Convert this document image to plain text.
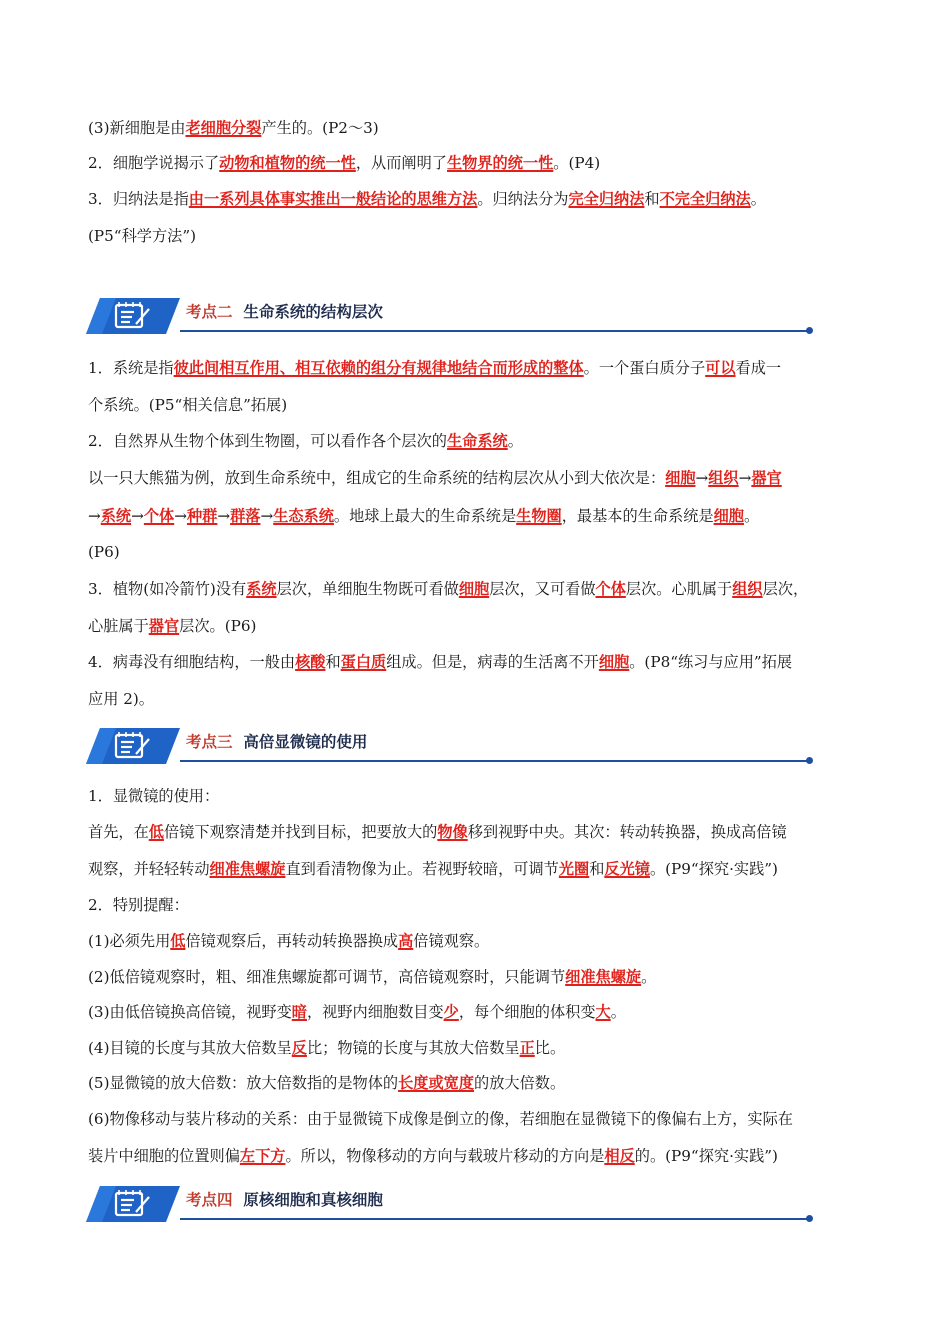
(3)新细胞是由老细胞分裂产生的。(P2～3)
2．细胞学说揭示了动物和植物的统一性，从而阐明了生物界的统一性。(P4)
3．归纳法是指由一系列具体事实推出一般结论的思维方法。归纳法分为完全归纳法和不完全归纳法。
(P5“科学方法”)
1．系统是指彼此间相互作用、相互依赖的组分有规律地结合而形成的整体。一个蛋白质分子可以看成一
个系统。(P5“相关信息”拓展)
2．自然界从生物个体到生物圈，可以看作各个层次的生命系统。
以一只大熊猫为例，放到生命系统中，组成它的生命系统的结构层次从小到大依次是：细胞→组织→器官
→系统→个体→种群→群落→生态系统。地球上最大的生命系统是生物圈，最基本的生命系统是细胞。
(P6)
3．植物(如冷箭竹)没有系统层次，单细胞生物既可看做细胞层次，又可看做个体层次。心肌属于组织层次，
心脏属于器官层次。(P6)
4．病毒没有细胞结构，一般由核酸和蛋白质组成。但是，病毒的生活离不开细胞。(P8“练习与应用”拓展
应用 2)。
1．显微镜的使用：
首先，在低倍镜下观察清楚并找到目标，把要放大的物像移到视野中央。其次：转动转换器，换成高倍镜
观察，并轻轻转动细准焦螺旋直到看清物像为止。若视野较暗，可调节光圈和反光镜。(P9“探究·实践”)
2．特别提醒：
(1)必须先用低倍镜观察后，再转动转换器换成高倍镜观察。
(2)低倍镜观察时，粗、细准焦螺旋都可调节，高倍镜观察时，只能调节细准焦螺旋。
(3)由低倍镜换高倍镜，视野变暗，视野内细胞数目变少，每个细胞的体积变大。
(4)目镜的长度与其放大倍数呈反比；物镜的长度与其放大倍数呈正比。
(5)显微镜的放大倍数：放大倍数指的是物体的长度或宽度的放大倍数。
(6)物像移动与装片移动的关系：由于显微镜下成像是倒立的像，若细胞在显微镜下的像偏右上方，实际在
装片中细胞的位置则偏左下方。所以，物像移动的方向与载玻片移动的方向是相反的。(P9“探究·实践”)
考点二 生命系统的结构层次
考点三 高倍显微镜的使用
考点四 原核细胞和真核细胞
